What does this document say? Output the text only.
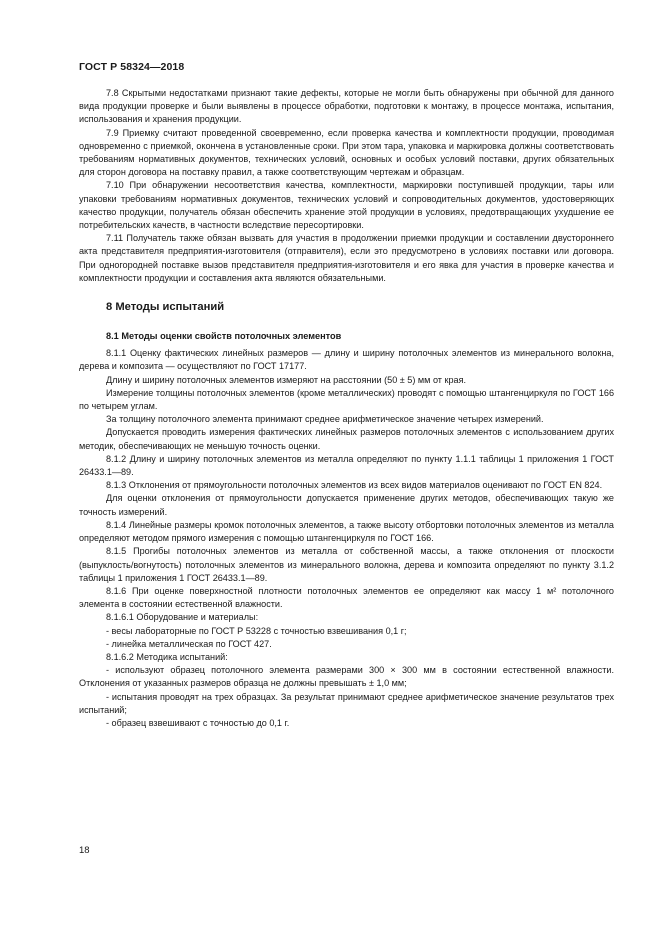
ГОСТ Р 58324—2018

7.8 Скрытыми недостатками признают такие дефекты, которые не могли быть обнаружены при обычной для данного вида продукции проверке и были выявлены в процессе обработки, подготовки к монтажу, в процессе монтажа, испытания, использования и хранения продукции.

7.9 Приемку считают проведенной своевременно, если проверка качества и комплектности продукции, проводимая одновременно с приемкой, окончена в установленные сроки. При этом тара, упаковка и маркировка должны соответствовать требованиям нормативных документов, технических условий, основных и особых условий поставки, других обязательных для сторон договора на поставку правил, а также соответствующим чертежам и образцам.

7.10 При обнаружении несоответствия качества, комплектности, маркировки поступившей продукции, тары или упаковки требованиям нормативных документов, технических условий и сопроводительных документов, удостоверяющих качество продукции, получатель обязан обеспечить хранение этой продукции в условиях, предотвращающих ухудшение ее потребительских качеств, в частности вследствие пересортировки.

7.11 Получатель также обязан вызвать для участия в продолжении приемки продукции и составлении двустороннего акта представителя предприятия-изготовителя (отправителя), если это предусмотрено в условиях поставки или договора. При одногородней поставке вызов представителя предприятия-изготовителя и его явка для участия в проверке качества и комплектности продукции и составления акта являются обязательными.

8 Методы испытаний
8.1 Методы оценки свойств потолочных элементов

8.1.1 Оценку фактических линейных размеров — длину и ширину потолочных элементов из минерального волокна, дерева и композита — осуществляют по ГОСТ 17177.

Длину и ширину потолочных элементов измеряют на расстоянии (50 ± 5) мм от края.

Измерение толщины потолочных элементов (кроме металлических) проводят с помощью штангенциркуля по ГОСТ 166 по четырем углам.

За толщину потолочного элемента принимают среднее арифметическое значение четырех измерений.

Допускается проводить измерения фактических линейных размеров потолочных элементов с использованием других методик, обеспечивающих не меньшую точность оценки.

8.1.2 Длину и ширину потолочных элементов из металла определяют по пункту 1.1.1 таблицы 1 приложения 1 ГОСТ 26433.1—89.

8.1.3 Отклонения от прямоугольности потолочных элементов из всех видов материалов оценивают по ГОСТ EN 824.

Для оценки отклонения от прямоугольности допускается применение других методов, обеспечивающих такую же точность измерений.

8.1.4 Линейные размеры кромок потолочных элементов, а также высоту отбортовки потолочных элементов из металла определяют методом прямого измерения с помощью штангенциркуля по ГОСТ 166.

8.1.5 Прогибы потолочных элементов из металла от собственной массы, а также отклонения от плоскости (выпуклость/вогнутость) потолочных элементов из минерального волокна, дерева и композита определяют по пункту 3.1.2 таблицы 1 приложения 1 ГОСТ 26433.1—89.

8.1.6 При оценке поверхностной плотности потолочных элементов ее определяют как массу 1 м² потолочного элемента в состоянии естественной влажности.

8.1.6.1 Оборудование и материалы:

- весы лабораторные по ГОСТ Р 53228 с точностью взвешивания 0,1 г;

- линейка металлическая по ГОСТ 427.

8.1.6.2 Методика испытаний:

- используют образец потолочного элемента размерами 300 × 300 мм в состоянии естественной влажности. Отклонения от указанных размеров образца не должны превышать ± 1,0 мм;

- испытания проводят на трех образцах. За результат принимают среднее арифметическое значение результатов трех испытаний;

- образец взвешивают с точностью до 0,1 г.

18
